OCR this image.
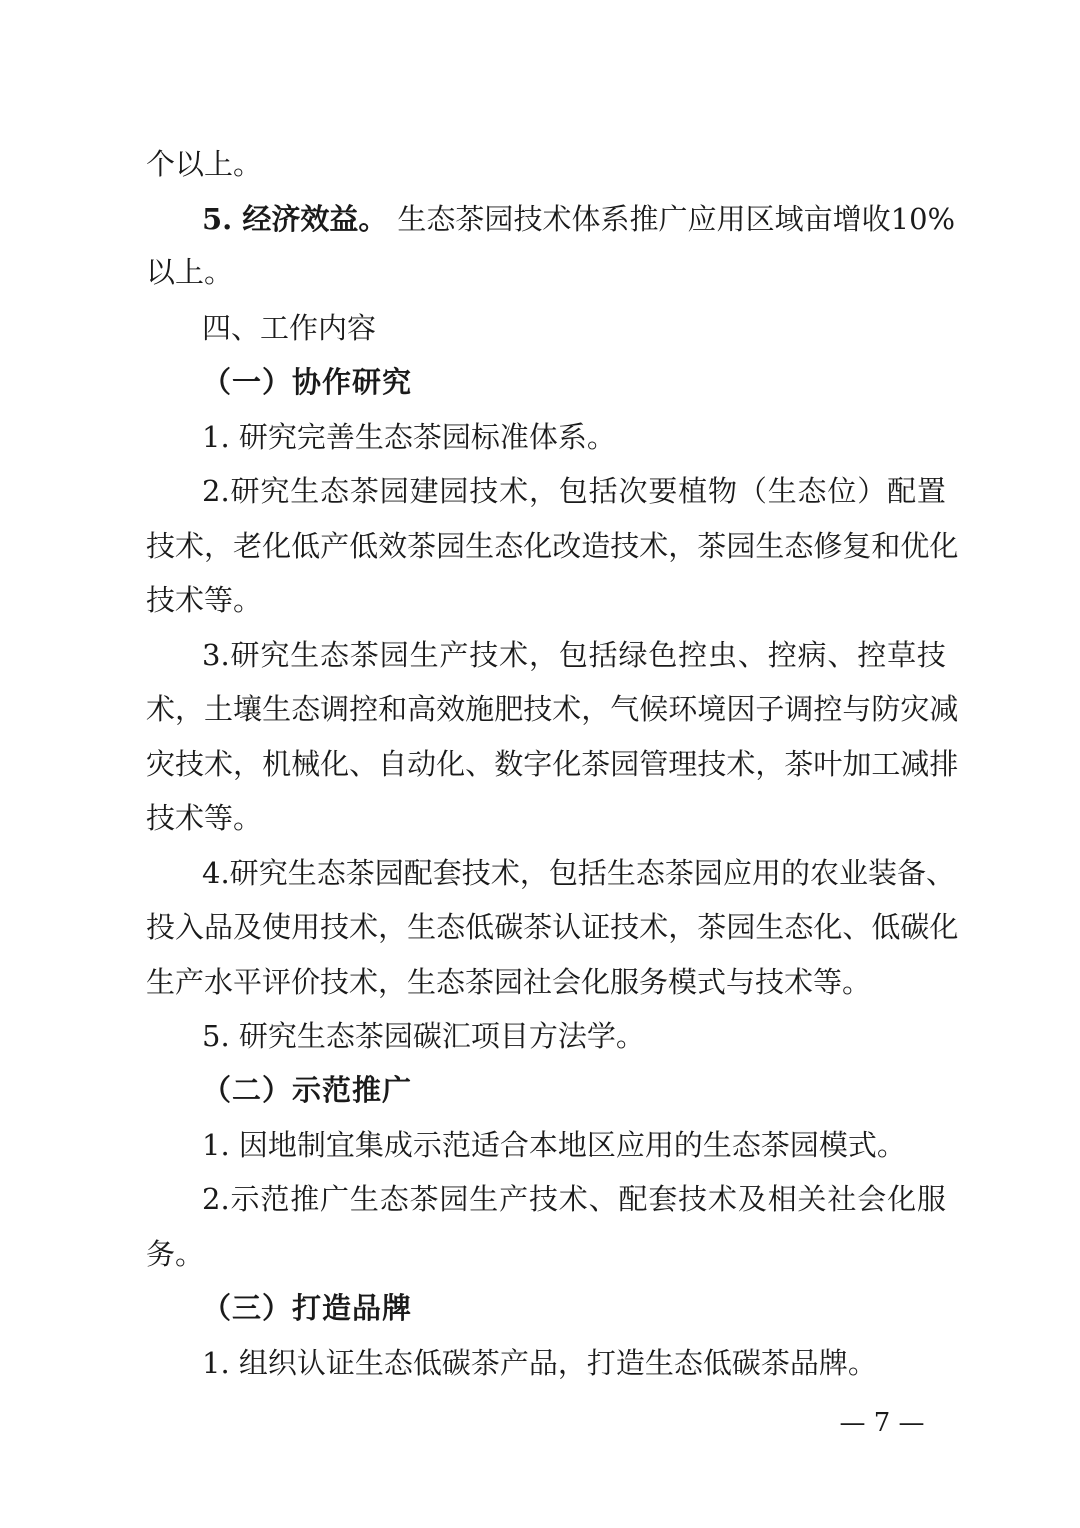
个以上。
5. 经济效益。 生 态 茶 园 技 术 体 系 推 广 应 用 区 域 亩 增 收 10%
以上。
四、工作内容
（一）协作研究
1. 研究完善生态茶园标准体系。
2. 研 究 生 态 茶 园 建 园 技 术 ， 包 括 次 要 植 物 （ 生 态 位 ） 配 置
技 术 ， 老 化 低 产 低 效 茶 园 生 态 化 改 造 技 术 ， 茶 园 生 态 修 复 和 优 化
技术等。
3. 研 究 生 态 茶 园 生 产 技 术 ， 包 括 绿 色 控 虫 、 控 病 、 控 草 技
术 ， 土 壤 生 态 调 控 和 高 效 施 肥 技 术 ， 气 候 环 境 因 子 调 控 与 防 灾 减
灾 技 术 ， 机 械 化 、 自 动 化 、 数 字 化 茶 园 管 理 技 术 ， 茶 叶 加 工 减 排
技术等。
4. 研 究 生 态 茶 园 配 套 技 术 ， 包 括 生 态 茶 园 应 用 的 农 业 装 备 、
投 入 品 及 使 用 技 术 ， 生 态 低 碳 茶 认 证 技 术 ， 茶 园 生 态 化 、 低 碳 化
生产水平评价技术，生态茶园社会化服务模式与技术等。
5. 研究生态茶园碳汇项目方法学。
（二）示范推广
1. 因地制宜集成示范适合本地区应用的生态茶园模式。
2. 示 范 推 广 生 态 茶 园 生 产 技 术 、 配 套 技 术 及 相 关 社 会 化 服
务。
（三）打造品牌
1. 组织认证生态低碳茶产品，打造生态低碳茶品牌。
— 7 —
